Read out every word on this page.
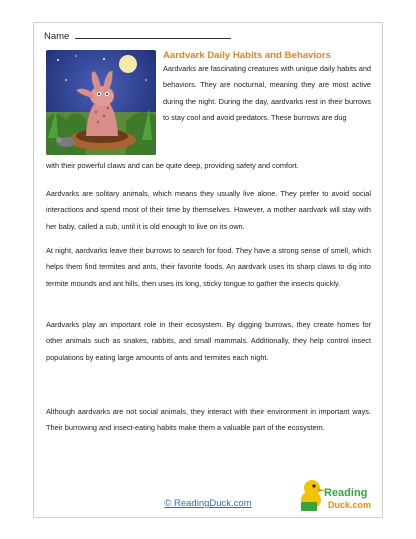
Name
Aardvark Daily Habits and Behaviors

Aardvarks are fascinating creatures with unique daily habits and behaviors. They are nocturnal, meaning they are most active during the night. During the day, aardvarks rest in their burrows to stay cool and avoid predators. These burrows are dug

with their powerful claws and can be quite deep, providing safety and comfort.

Aardvarks are solitary animals, which means they usually live alone. They prefer to avoid social interactions and spend most of their time by themselves. However, a mother aardvark will stay with her baby, called a cub, until it is old enough to live on its own.

At night, aardvarks leave their burrows to search for food. They have a strong sense of smell, which helps them find termites and ants, their favorite foods. An aardvark uses its sharp claws to dig into termite mounds and ant hills, then uses its long, sticky tongue to gather the insects quickly.

Aardvarks play an important role in their ecosystem. By digging burrows, they create homes for other animals such as snakes, rabbits, and small mammals. Additionally, they help control insect populations by eating large amounts of ants and termites each night.

Although aardvarks are not social animals, they interact with their environment in important ways. Their burrowing and insect-eating habits make them a valuable part of the ecosystem.

© ReadingDuck.com
Reading
Duck.com
